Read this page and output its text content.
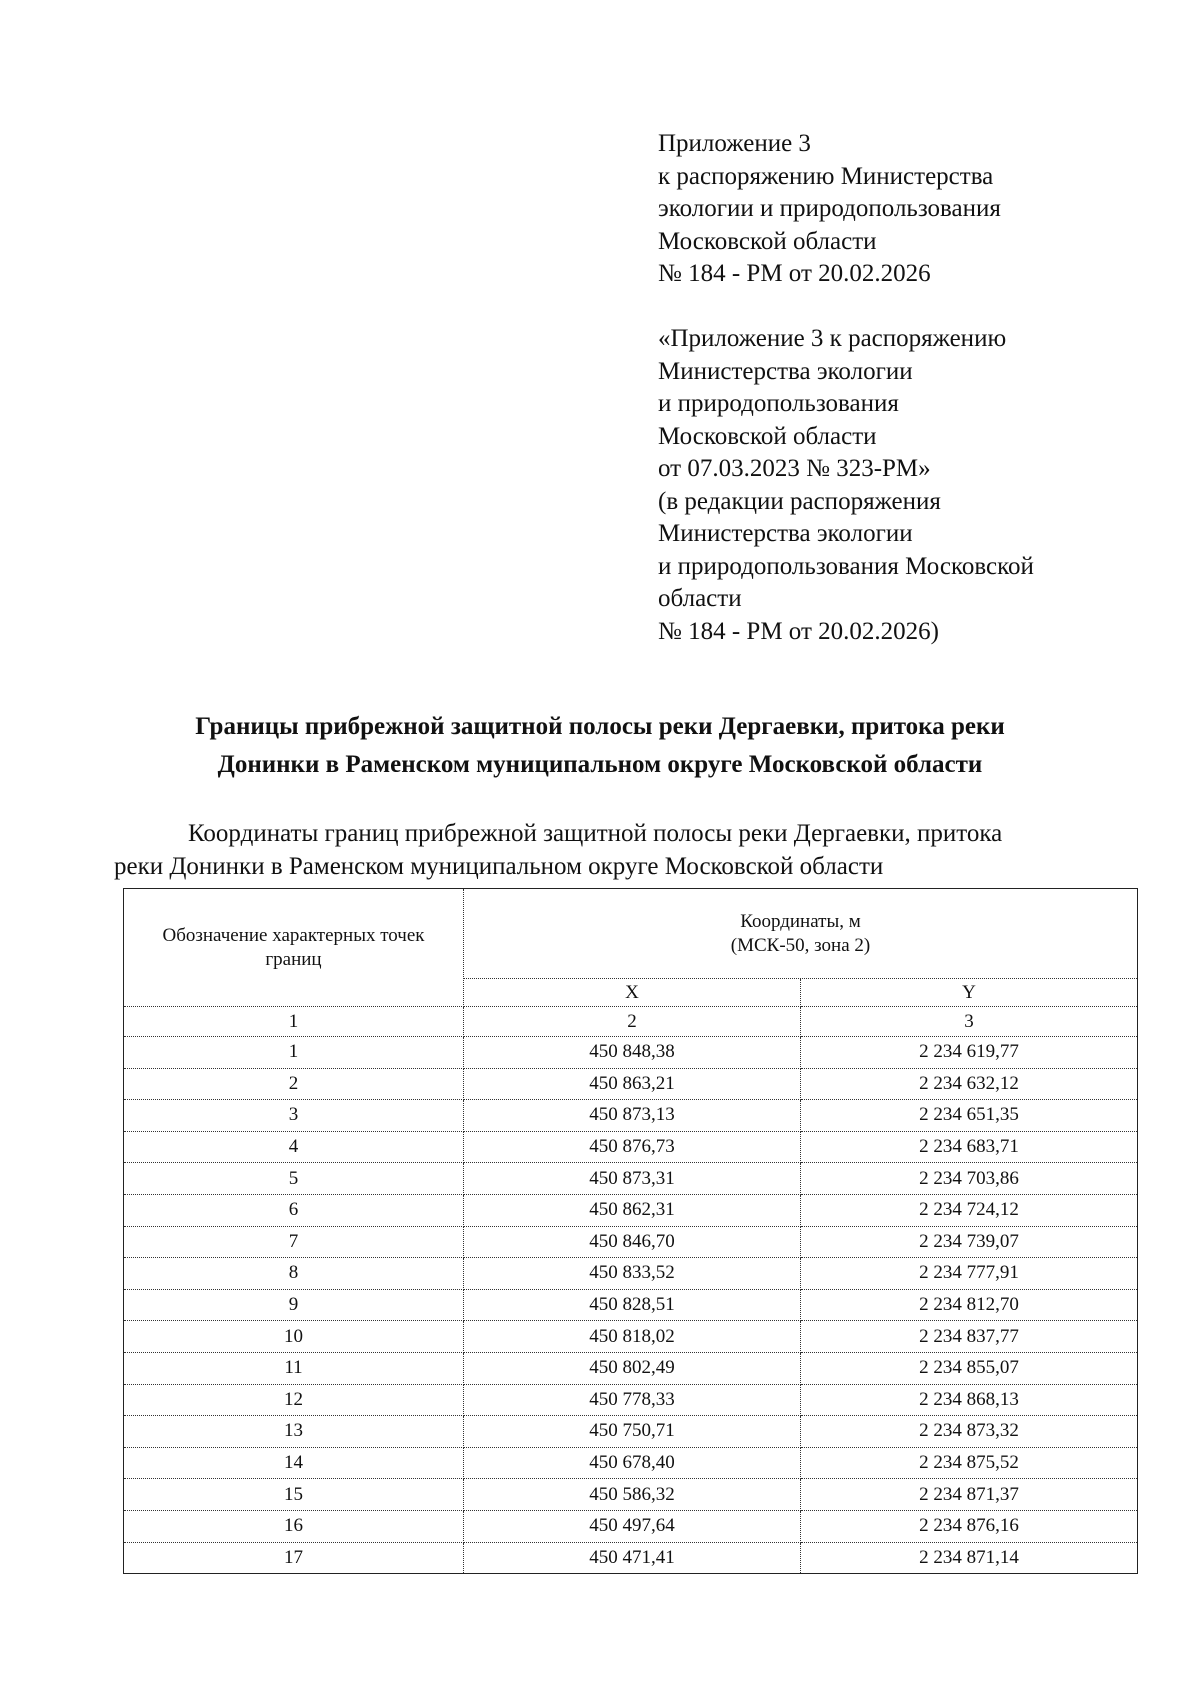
Приложение 3
к распоряжению Министерства
экологии и природопользования
Московской области
№ 184 - РМ от 20.02.2026
«Приложение 3 к распоряжению
Министерства экологии
и природопользования
Московской области
от 07.03.2023 № 323-РМ»
(в редакции распоряжения
Министерства экологии
и природопользования Московской
области
№ 184 - РМ от 20.02.2026)
Границы прибрежной защитной полосы реки Дергаевки, притока реки
Донинки в Раменском муниципальном округе Московской области
Координаты границ прибрежной защитной полосы реки Дергаевки, притока
реки Донинки в Раменском муниципальном округе Московской области
Обозначение характерных точек
границ	Координаты, м
(МСК-50, зона 2)	

	X	Y
1	2	3
1	450 848,38	2 234 619,77
2	450 863,21	2 234 632,12
3	450 873,13	2 234 651,35
4	450 876,73	2 234 683,71
5	450 873,31	2 234 703,86
6	450 862,31	2 234 724,12
7	450 846,70	2 234 739,07
8	450 833,52	2 234 777,91
9	450 828,51	2 234 812,70
10	450 818,02	2 234 837,77
11	450 802,49	2 234 855,07
12	450 778,33	2 234 868,13
13	450 750,71	2 234 873,32
14	450 678,40	2 234 875,52
15	450 586,32	2 234 871,37
16	450 497,64	2 234 876,16
17	450 471,41	2 234 871,14
